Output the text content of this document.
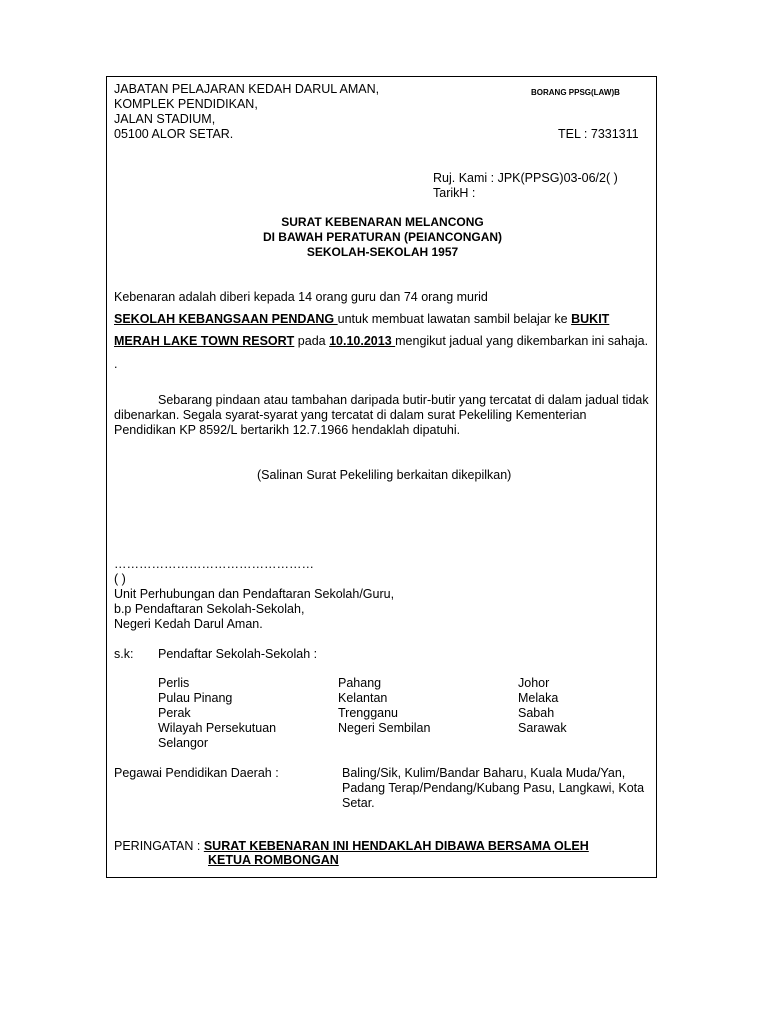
JABATAN PELAJARAN KEDAH DARUL AMAN,
KOMPLEK PENDIDIKAN,
JALAN STADIUM,
05100 ALOR SETAR.
BORANG PPSG(LAW)B
TEL : 7331311
Ruj. Kami : JPK(PPSG)03-06/2( )
TarikH :
SURAT KEBENARAN MELANCONG
DI BAWAH PERATURAN (PEIANCONGAN)
SEKOLAH-SEKOLAH 1957
Kebenaran adalah diberi kepada 14 orang guru dan 74 orang murid
SEKOLAH KEBANGSAAN PENDANG untuk membuat lawatan sambil belajar ke BUKIT
MERAH LAKE TOWN RESORT pada 10.10.2013 mengikut jadual yang dikembarkan ini sahaja.
.
Sebarang pindaan atau tambahan daripada butir-butir yang tercatat di dalam jadual tidak
dibenarkan. Segala syarat-syarat yang tercatat di dalam surat Pekeliling Kementerian
Pendidikan KP 8592/L bertarikh 12.7.1966 hendaklah dipatuhi.
(Salinan Surat Pekeliling berkaitan dikepilkan)
…………………………………………
( )
Unit Perhubungan dan Pendaftaran Sekolah/Guru,
b.p Pendaftaran Sekolah-Sekolah,
Negeri Kedah Darul Aman.
s.k: Pendaftar Sekolah-Sekolah :
Perlis
Pulau Pinang
Perak
Wilayah Persekutuan
Selangor
Pahang
Kelantan
Trengganu
Negeri Sembilan
Johor
Melaka
Sabah
Sarawak
Pegawai Pendidikan Daerah :	Baling/Sik, Kulim/Bandar Baharu, Kuala Muda/Yan,
Padang Terap/Pendang/Kubang Pasu, Langkawi, Kota
Setar.
PERINGATAN : SURAT KEBENARAN INI HENDAKLAH DIBAWA BERSAMA OLEH
KETUA ROMBONGAN
